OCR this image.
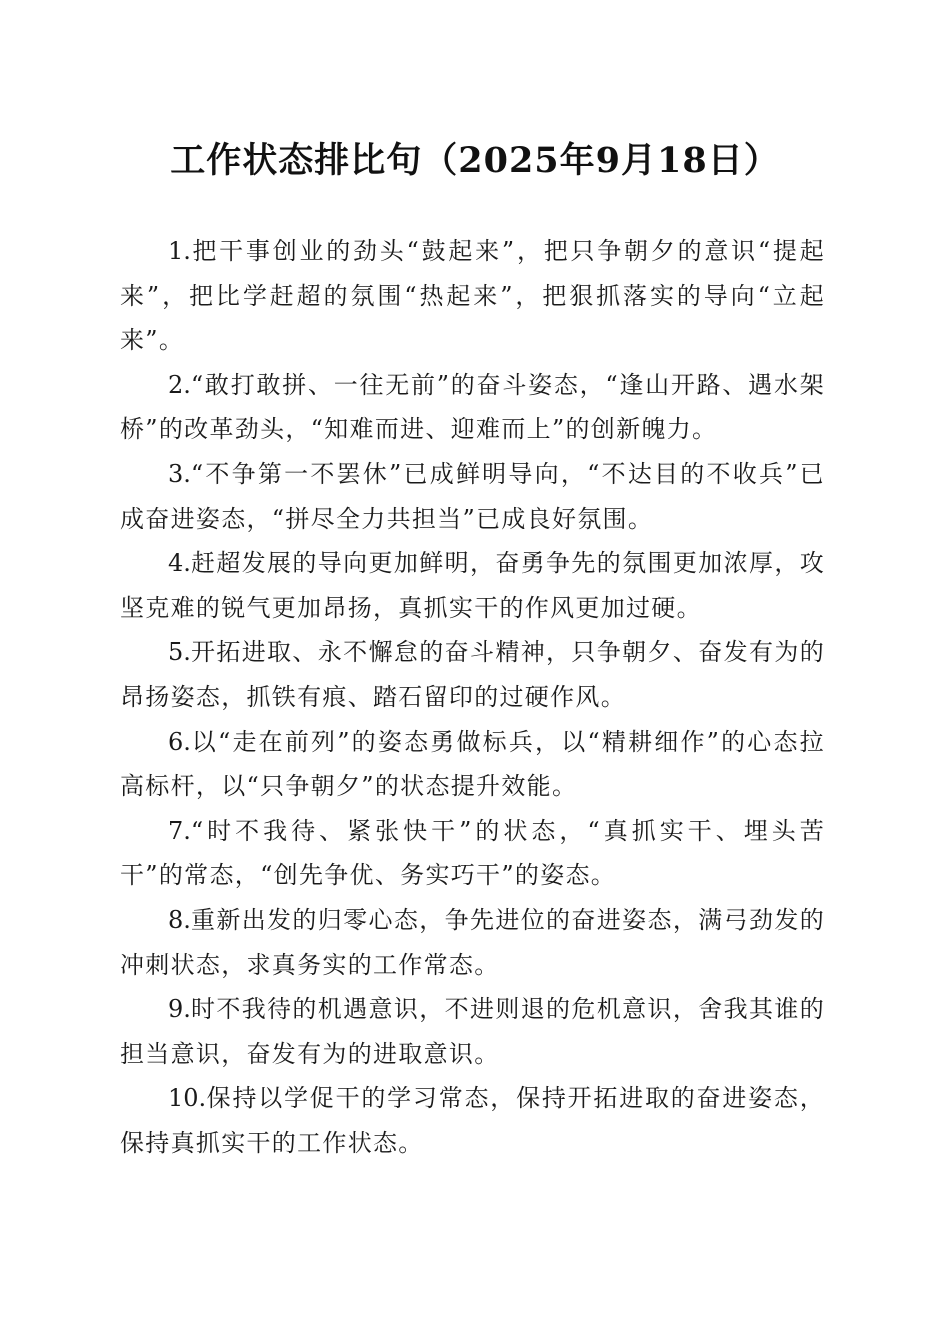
工作状态排比句（2025年9月18日）

1.把干事创业的劲头“鼓起来”，把只争朝夕的意识“提起来”，把比学赶超的氛围“热起来”，把狠抓落实的导向“立起来”。

2.“敢打敢拼、一往无前”的奋斗姿态，“逢山开路、遇水架桥”的改革劲头，“知难而进、迎难而上”的创新魄力。

3.“不争第一不罢休”已成鲜明导向，“不达目的不收兵”已成奋进姿态，“拼尽全力共担当”已成良好氛围。

4.赶超发展的导向更加鲜明，奋勇争先的氛围更加浓厚，攻坚克难的锐气更加昂扬，真抓实干的作风更加过硬。

5.开拓进取、永不懈怠的奋斗精神，只争朝夕、奋发有为的昂扬姿态，抓铁有痕、踏石留印的过硬作风。

6.以“走在前列”的姿态勇做标兵，以“精耕细作”的心态拉高标杆，以“只争朝夕”的状态提升效能。

7.“时不我待、紧张快干”的状态，“真抓实干、埋头苦干”的常态，“创先争优、务实巧干”的姿态。

8.重新出发的归零心态，争先进位的奋进姿态，满弓劲发的冲刺状态，求真务实的工作常态。

9.时不我待的机遇意识，不进则退的危机意识，舍我其谁的担当意识，奋发有为的进取意识。

10.保持以学促干的学习常态，保持开拓进取的奋进姿态，保持真抓实干的工作状态。
